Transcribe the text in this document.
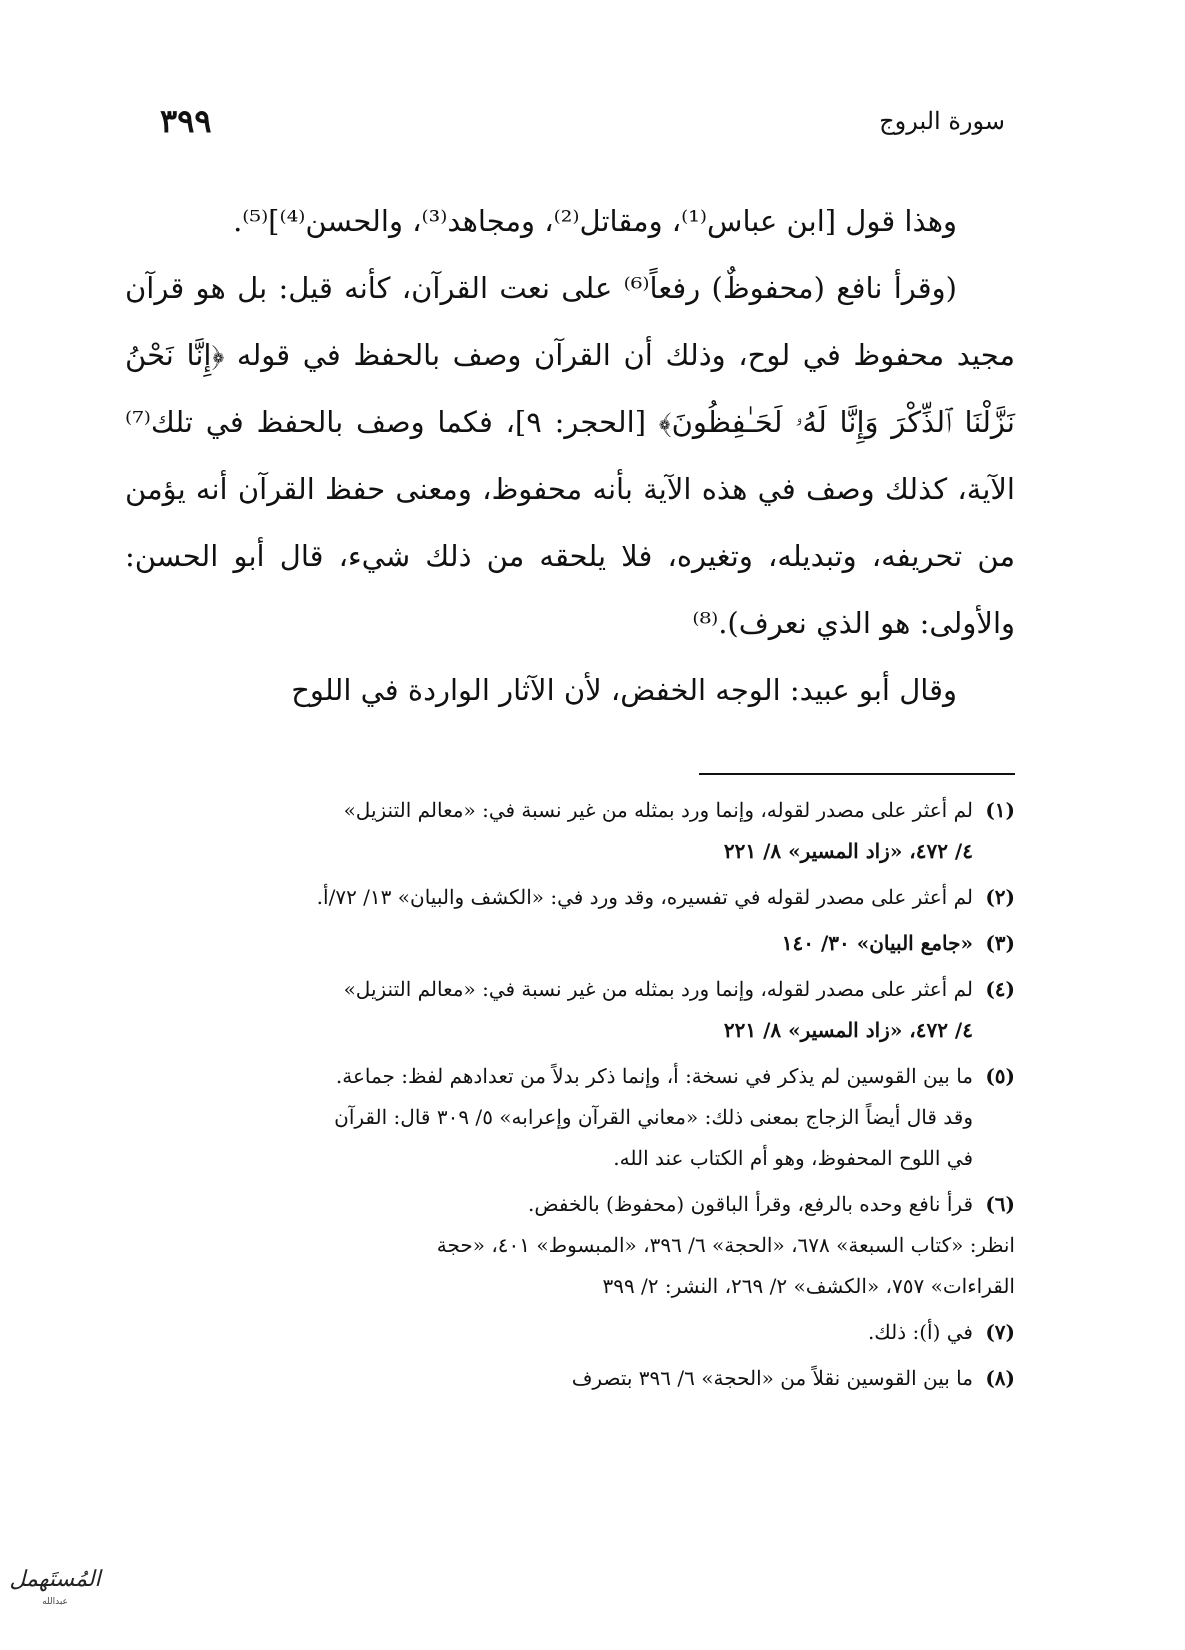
سورة البروج
٣٩٩

وهذا قول [ابن عباس⁽¹⁾، ومقاتل⁽²⁾، ومجاهد⁽³⁾، والحسن⁽⁴⁾]⁽⁵⁾.

(وقرأ نافع (محفوظٌ) رفعاً⁽⁶⁾ على نعت القرآن، كأنه قيل: بل هو قرآن مجيد محفوظ في لوح، وذلك أن القرآن وصف بالحفظ في قوله ﴿إِنَّا نَحْنُ نَزَّلْنَا ٱلذِّكْرَ وَإِنَّا لَهُۥ لَحَـٰفِظُونَ﴾ [الحجر: ٩]، فكما وصف بالحفظ في تلك⁽⁷⁾ الآية، كذلك وصف في هذه الآية بأنه محفوظ، ومعنى حفظ القرآن أنه يؤمن من تحريفه، وتبديله، وتغيره، فلا يلحقه من ذلك شيء، قال أبو الحسن: والأولى: هو الذي نعرف).⁽⁸⁾

وقال أبو عبيد: الوجه الخفض، لأن الآثار الواردة في اللوح

(١)
لم أعثر على مصدر لقوله، وإنما ورد بمثله من غير نسبة في: «معالم التنزيل»
٤/ ٤٧٢، «زاد المسير» ٨/ ٢٢١
(٢)
لم أعثر على مصدر لقوله في تفسيره، وقد ورد في: «الكشف والبيان» ١٣/ ٧٢/أ.
(٣)
«جامع البيان» ٣٠/ ١٤٠
(٤)
لم أعثر على مصدر لقوله، وإنما ورد بمثله من غير نسبة في: «معالم التنزيل»
٤/ ٤٧٢، «زاد المسير» ٨/ ٢٢١
(٥)
ما بين القوسين لم يذكر في نسخة: أ، وإنما ذكر بدلاً من تعدادهم لفظ: جماعة.
وقد قال أيضاً الزجاج بمعنى ذلك: «معاني القرآن وإعرابه» ٥/ ٣٠٩ قال: القرآن
في اللوح المحفوظ، وهو أم الكتاب عند الله.
(٦)
قرأ نافع وحده بالرفع، وقرأ الباقون (محفوظ) بالخفض.
انظر: «كتاب السبعة» ٦٧٨، «الحجة» ٦/ ٣٩٦، «المبسوط» ٤٠١، «حجة
القراءات» ٧٥٧، «الكشف» ٢/ ٢٦٩، النشر: ٢/ ٣٩٩
(٧)
في (أ): ذلك.
(٨)
ما بين القوسين نقلاً من «الحجة» ٦/ ٣٩٦ بتصرف
المُستَهمل
عبدالله
